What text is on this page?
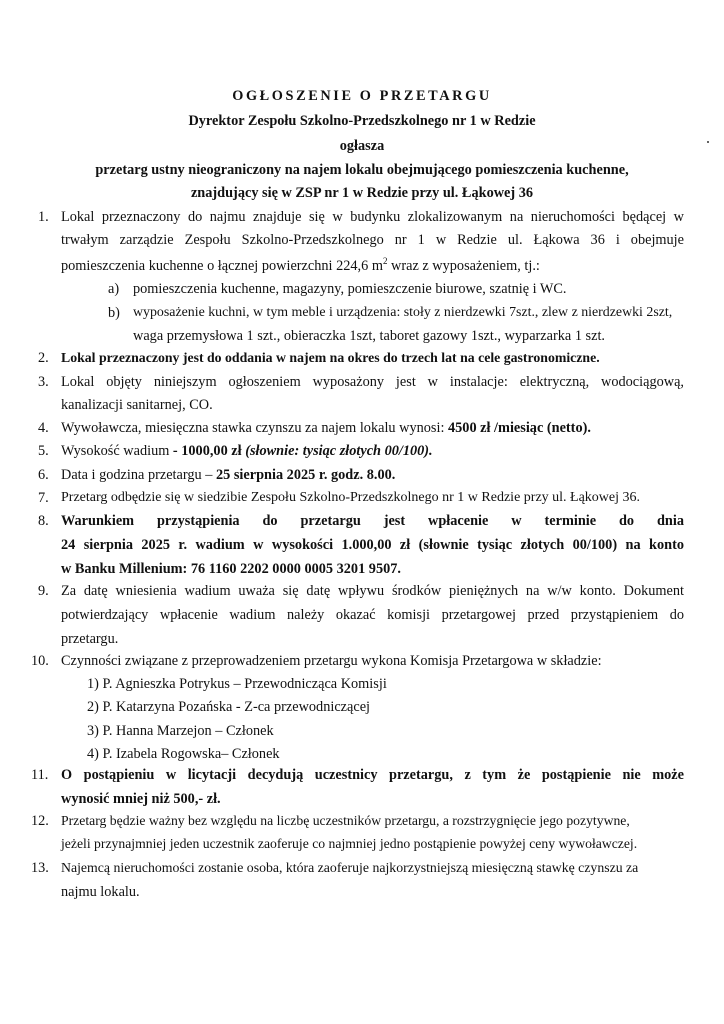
OGŁOSZENIE O PRZETARGU
Dyrektor Zespołu Szkolno-Przedszkolnego nr 1 w Redzie
ogłasza
przetarg ustny nieograniczony na najem lokalu obejmującego pomieszczenia kuchenne,
znajdujący się w ZSP nr 1 w Redzie przy ul. Łąkowej 36
1. Lokal przeznaczony do najmu znajduje się w budynku zlokalizowanym na nieruchomości będącej w
trwałym zarządzie Zespołu Szkolno-Przedszkolnego nr 1 w Redzie ul. Łąkowa 36 i obejmuje
pomieszczenia kuchenne o łącznej powierzchni 224,6 $m^2$ wraz z wyposażeniem, tj.:
a) pomieszczenia kuchenne, magazyny, pomieszczenie biurowe, szatnię i WC.
b) wyposażenie kuchni, w tym meble i urządzenia: stoły z nierdzewki 7szt., zlew z nierdzewki 2szt,
waga przemysłowa 1 szt., obieraczka 1szt, taboret gazowy 1szt., wyparzarka 1 szt.
2. Lokal przeznaczony jest do oddania w najem na okres do trzech lat na cele gastronomiczne.
3. Lokal objęty niniejszym ogłoszeniem wyposażony jest w instalacje: elektryczną, wodociągową,
kanalizacji sanitarnej, CO.
4. Wywoławcza, miesięczna stawka czynszu za najem lokalu wynosi: 4500 zł /miesiąc (netto).
5. Wysokość wadium - 1000,00 zł (słownie: tysiąc złotych 00/100).
6. Data i godzina przetargu – 25 sierpnia 2025 r. godz. 8.00.
7. Przetarg odbędzie się w siedzibie Zespołu Szkolno-Przedszkolnego nr 1 w Redzie przy ul. Łąkowej 36.
8. Warunkiem przystąpienia do przetargu jest wpłacenie w terminie do dnia
24 sierpnia 2025 r. wadium w wysokości 1.000,00 zł (słownie tysiąc złotych 00/100) na konto
w Banku Millenium: 76 1160 2202 0000 0005 3201 9507.
9. Za datę wniesienia wadium uważa się datę wpływu środków pieniężnych na w/w konto. Dokument
potwierdzający wpłacenie wadium należy okazać komisji przetargowej przed przystąpieniem do
przetargu.
10. Czynności związane z przeprowadzeniem przetargu wykona Komisja Przetargowa w składzie:
1) P. Agnieszka Potrykus – Przewodnicząca Komisji
2) P. Katarzyna Pozańska - Z-ca przewodniczącej
3) P. Hanna Marzejon – Członek
4) P. Izabela Rogowska– Członek
11. O postąpieniu w licytacji decydują uczestnicy przetargu, z tym że postąpienie nie może
wynosić mniej niż 500,- zł.
12. Przetarg będzie ważny bez względu na liczbę uczestników przetargu, a rozstrzygnięcie jego pozytywne,
jeżeli przynajmniej jeden uczestnik zaoferuje co najmniej jedno postąpienie powyżej ceny wywoławczej.
13. Najemcą nieruchomości zostanie osoba, która zaoferuje najkorzystniejszą miesięczną stawkę czynszu za
najmu lokalu.
